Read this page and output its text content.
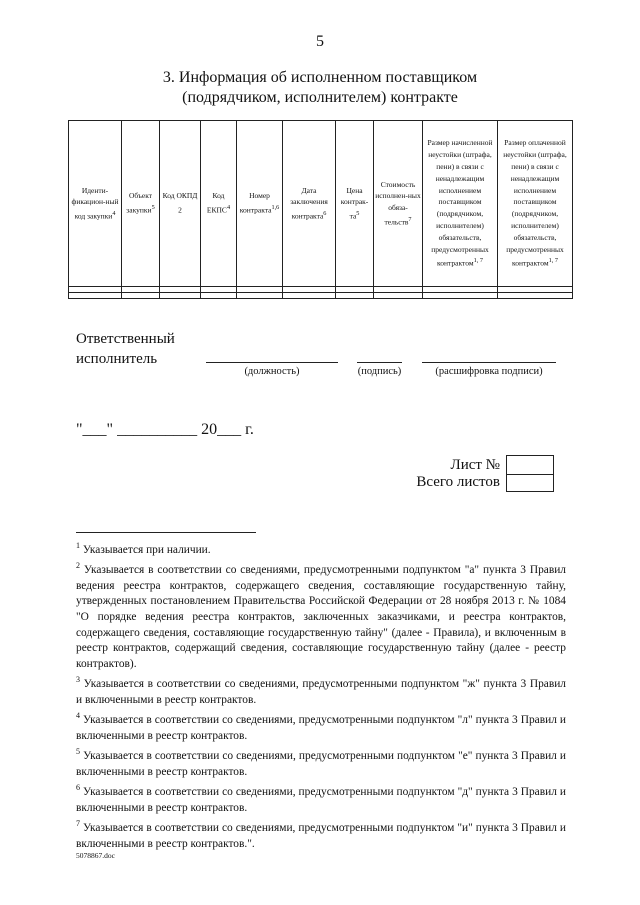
5
3. Информация об исполненном поставщиком
(подрядчиком, исполнителем) контракте
Иденти-фикацион-ный код закупки$^4$	Объект закупки$^5$	Код ОКПД 2	Код ЕКПС$^4$	Номер контракта$^{1,6}$	Дата заключения контракта$^6$	Цена контрак-$та^5$	Стоимость исполнен-ных обяза-тельств$^7$	Размер начисленной неустойки (штрафа, пени) в связи с ненадлежащим исполнением поставщиком (подрядчиком, исполнителем) обязательств, предусмотренных контрактом$^{1, 7}$	Размер оплаченной неустойки (штрафа, пени) в связи с ненадлежащим исполнением поставщиком (подрядчиком, исполнителем) обязательств, предусмотренных контрактом$^{1, 7}$

Ответственный
исполнитель
(должность)	(подпись)	(расшифровка подписи)
"___" __________ 20___ г.
Лист №
Всего листов

$^1$ Указывается при наличии.

$^2$ Указывается в соответствии со сведениями, предусмотренными подпунктом "а" пункта 3 Правил ведения реестра контрактов, содержащего сведения, составляющие государственную тайну, утвержденных постановлением Правительства Российской Федерации от 28 ноября 2013 г. № 1084 "О порядке ведения реестра контрактов, заключенных заказчиками, и реестра контрактов, содержащего сведения, составляющие государственную тайну" (далее - Правила), и включенным в реестр контрактов, содержащий сведения, составляющие государственную тайну (далее - реестр контрактов).

$^3$ Указывается в соответствии со сведениями, предусмотренными подпунктом "ж" пункта 3 Правил и включенными в реестр контрактов.

$^4$ Указывается в соответствии со сведениями, предусмотренными подпунктом "л" пункта 3 Правил и включенными в реестр контрактов.

$^5$ Указывается в соответствии со сведениями, предусмотренными подпунктом "е" пункта 3 Правил и включенными в реестр контрактов.

$^6$ Указывается в соответствии со сведениями, предусмотренными подпунктом "д" пункта 3 Правил и включенными в реестр контрактов.

$^7$ Указывается в соответствии со сведениями, предусмотренными подпунктом "и" пункта 3 Правил и включенными в реестр контрактов.".

5078867.doc
